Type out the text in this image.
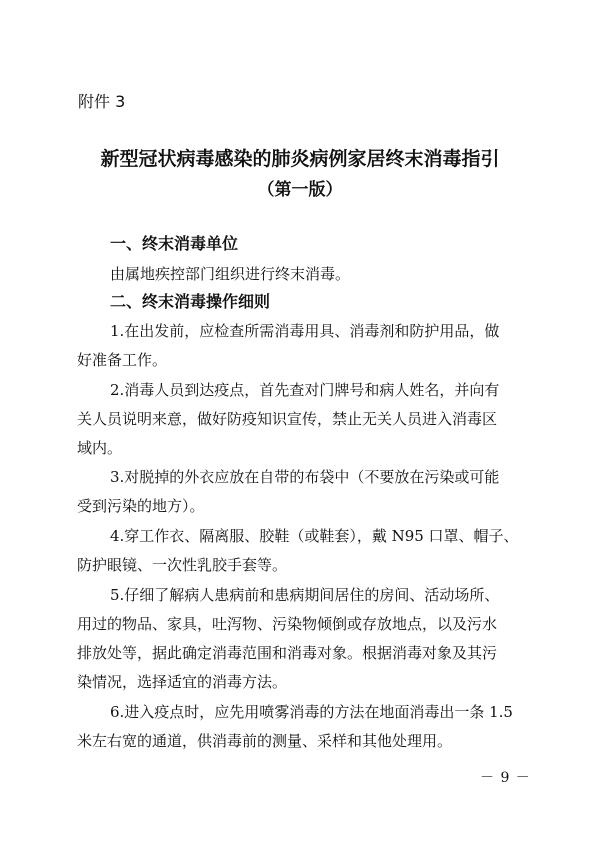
附件 3
新型冠状病毒感染的肺炎病例家居终末消毒指引
（第一版）
一、终末消毒单位
由属地疾控部门组织进行终末消毒。
二、终末消毒操作细则
1.在出发前，应检查所需消毒用具、消毒剂和防护用品，做
好准备工作。
2.消毒人员到达疫点，首先查对门牌号和病人姓名，并向有
关人员说明来意，做好防疫知识宣传，禁止无关人员进入消毒区
域内。
3.对脱掉的外衣应放在自带的布袋中（不要放在污染或可能
受到污染的地方）。
4.穿工作衣、隔离服、胶鞋（或鞋套），戴 N95 口罩、帽子、
防护眼镜、一次性乳胶手套等。
5.仔细了解病人患病前和患病期间居住的房间、活动场所、
用过的物品、家具，吐泻物、污染物倾倒或存放地点，以及污水
排放处等，据此确定消毒范围和消毒对象。根据消毒对象及其污
染情况，选择适宜的消毒方法。
6.进入疫点时，应先用喷雾消毒的方法在地面消毒出一条 1.5
米左右宽的通道，供消毒前的测量、采样和其他处理用。
－ 9 －
